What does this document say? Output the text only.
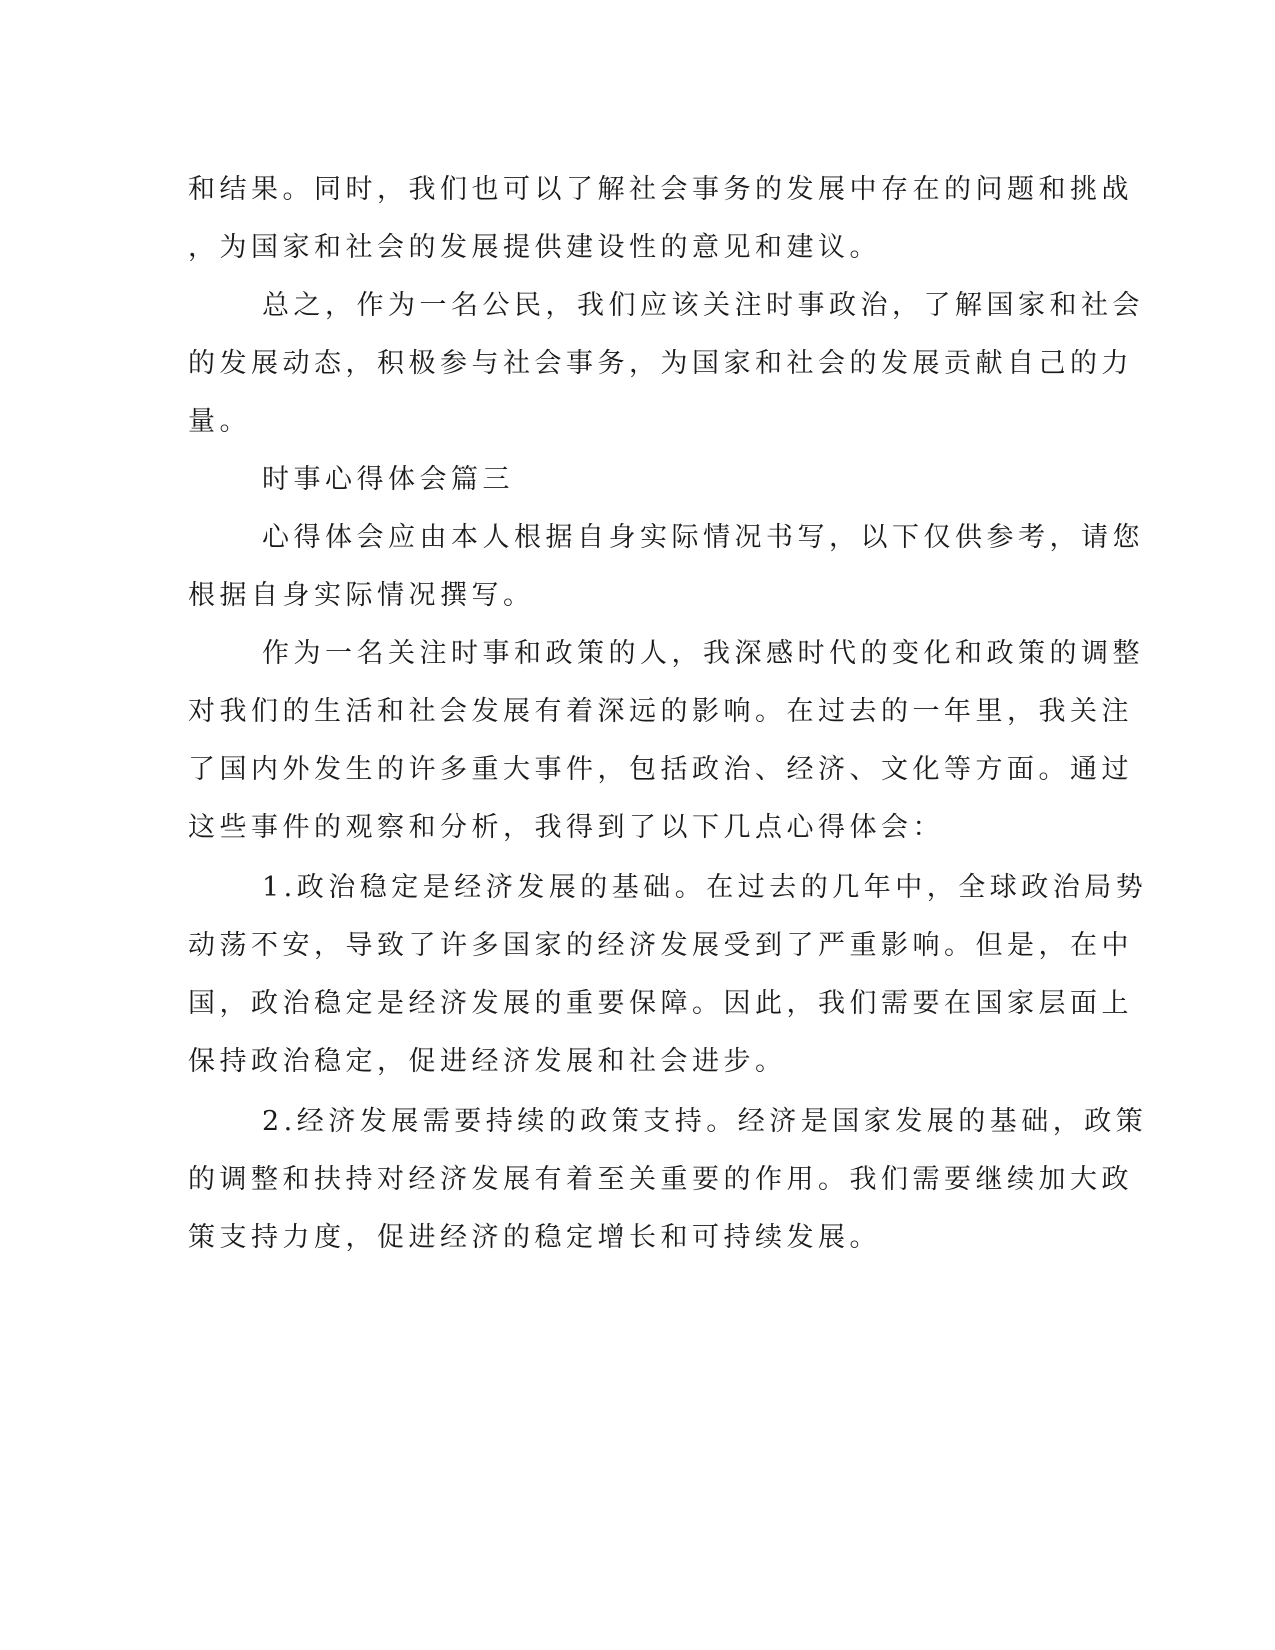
和结果。同时，我们也可以了解社会事务的发展中存在的问题和挑战
，为国家和社会的发展提供建设性的意见和建议。
总之，作为一名公民，我们应该关注时事政治，了解国家和社会
的发展动态，积极参与社会事务，为国家和社会的发展贡献自己的力
量。
时事心得体会篇三
心得体会应由本人根据自身实际情况书写，以下仅供参考，请您
根据自身实际情况撰写。
作为一名关注时事和政策的人，我深感时代的变化和政策的调整
对我们的生活和社会发展有着深远的影响。在过去的一年里，我关注
了国内外发生的许多重大事件，包括政治、经济、文化等方面。通过
这些事件的观察和分析，我得到了以下几点心得体会：
1.政治稳定是经济发展的基础。在过去的几年中，全球政治局势
动荡不安，导致了许多国家的经济发展受到了严重影响。但是，在中
国，政治稳定是经济发展的重要保障。因此，我们需要在国家层面上
保持政治稳定，促进经济发展和社会进步。
2.经济发展需要持续的政策支持。经济是国家发展的基础，政策
的调整和扶持对经济发展有着至关重要的作用。我们需要继续加大政
策支持力度，促进经济的稳定增长和可持续发展。
